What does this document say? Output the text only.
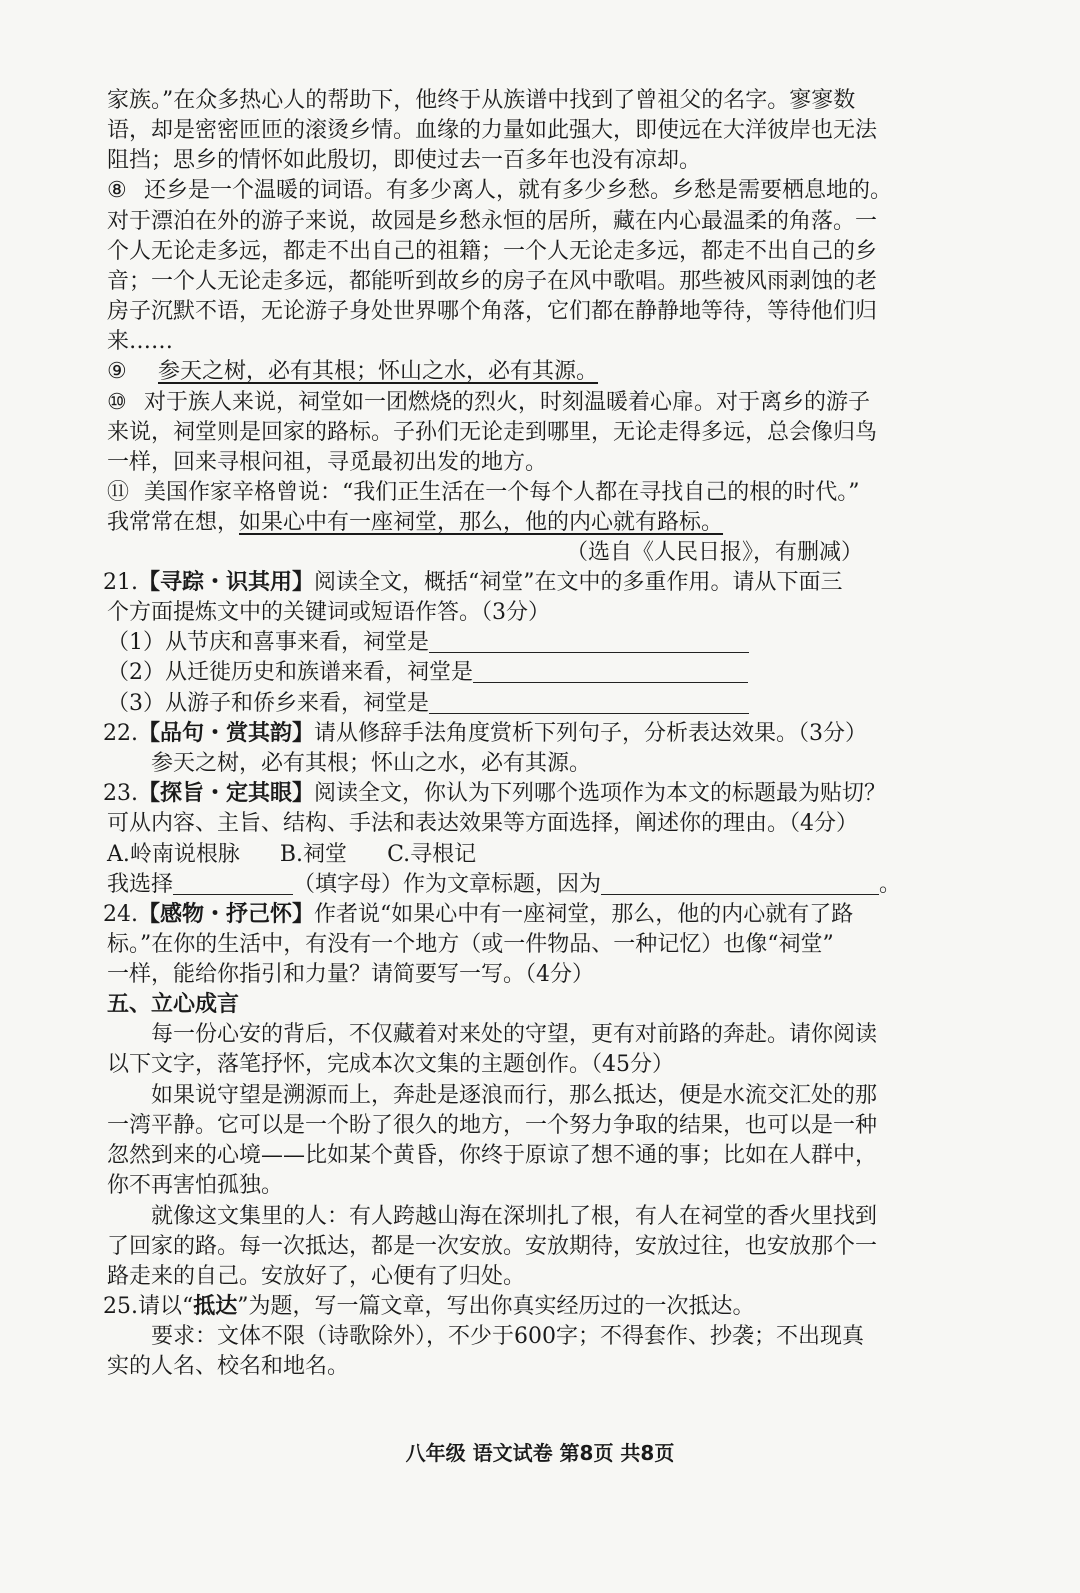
家族。”在众多热心人的帮助下，他终于从族谱中找到了曾祖父的名字。寥寥数
语，却是密密匝匝的滚烫乡情。血缘的力量如此强大，即使远在大洋彼岸也无法
阻挡；思乡的情怀如此殷切，即使过去一百多年也没有凉却。
⑧ 还乡是一个温暖的词语。有多少离人，就有多少乡愁。乡愁是需要栖息地的。
对于漂泊在外的游子来说，故园是乡愁永恒的居所，藏在内心最温柔的角落。一
个人无论走多远，都走不出自己的祖籍；一个人无论走多远，都走不出自己的乡
音；一个人无论走多远，都能听到故乡的房子在风中歌唱。那些被风雨剥蚀的老
房子沉默不语，无论游子身处世界哪个角落，它们都在静静地等待，等待他们归
来……
⑨ 参天之树，必有其根；怀山之水，必有其源。
⑩ 对于族人来说，祠堂如一团燃烧的烈火，时刻温暖着心扉。对于离乡的游子
来说，祠堂则是回家的路标。子孙们无论走到哪里，无论走得多远，总会像归鸟
一样，回来寻根问祖，寻觅最初出发的地方。
⑪ 美国作家辛格曾说：“我们正生活在一个每个人都在寻找自己的根的时代。”
我常常在想，如果心中有一座祠堂，那么，他的内心就有路标。
（选自《人民日报》，有删减）
21.【寻踪・识其用】阅读全文，概括“祠堂”在文中的多重作用。请从下面三
个方面提炼文中的关键词或短语作答。（3分）
（1）从节庆和喜事来看，祠堂是
（2）从迁徙历史和族谱来看，祠堂是
（3）从游子和侨乡来看，祠堂是
22.【品句・赏其韵】请从修辞手法角度赏析下列句子，分析表达效果。（3分）
参天之树，必有其根；怀山之水，必有其源。
23.【探旨・定其眼】阅读全文，你认为下列哪个选项作为本文的标题最为贴切？
可从内容、主旨、结构、手法和表达效果等方面选择，阐述你的理由。（4分）
A.岭南说根脉 B.祠堂 C.寻根记
我选择	（填字母）作为文章标题，因为	。
24.【感物・抒己怀】作者说“如果心中有一座祠堂，那么，他的内心就有了路
标。”在你的生活中，有没有一个地方（或一件物品、一种记忆）也像“祠堂”
一样，能给你指引和力量？请简要写一写。（4分）
五、立心成言
每一份心安的背后，不仅藏着对来处的守望，更有对前路的奔赴。请你阅读
以下文字，落笔抒怀，完成本次文集的主题创作。（45分）
如果说守望是溯源而上，奔赴是逐浪而行，那么抵达，便是水流交汇处的那
一湾平静。它可以是一个盼了很久的地方，一个努力争取的结果，也可以是一种
忽然到来的心境——比如某个黄昏，你终于原谅了想不通的事；比如在人群中，
你不再害怕孤独。
就像这文集里的人：有人跨越山海在深圳扎了根，有人在祠堂的香火里找到
了回家的路。每一次抵达，都是一次安放。安放期待，安放过往，也安放那个一
路走来的自己。安放好了，心便有了归处。
25.请以“抵达”为题，写一篇文章，写出你真实经历过的一次抵达。
要求：文体不限（诗歌除外），不少于600字；不得套作、抄袭；不出现真
实的人名、校名和地名。
八年级 语文试卷 第8页 共8页
